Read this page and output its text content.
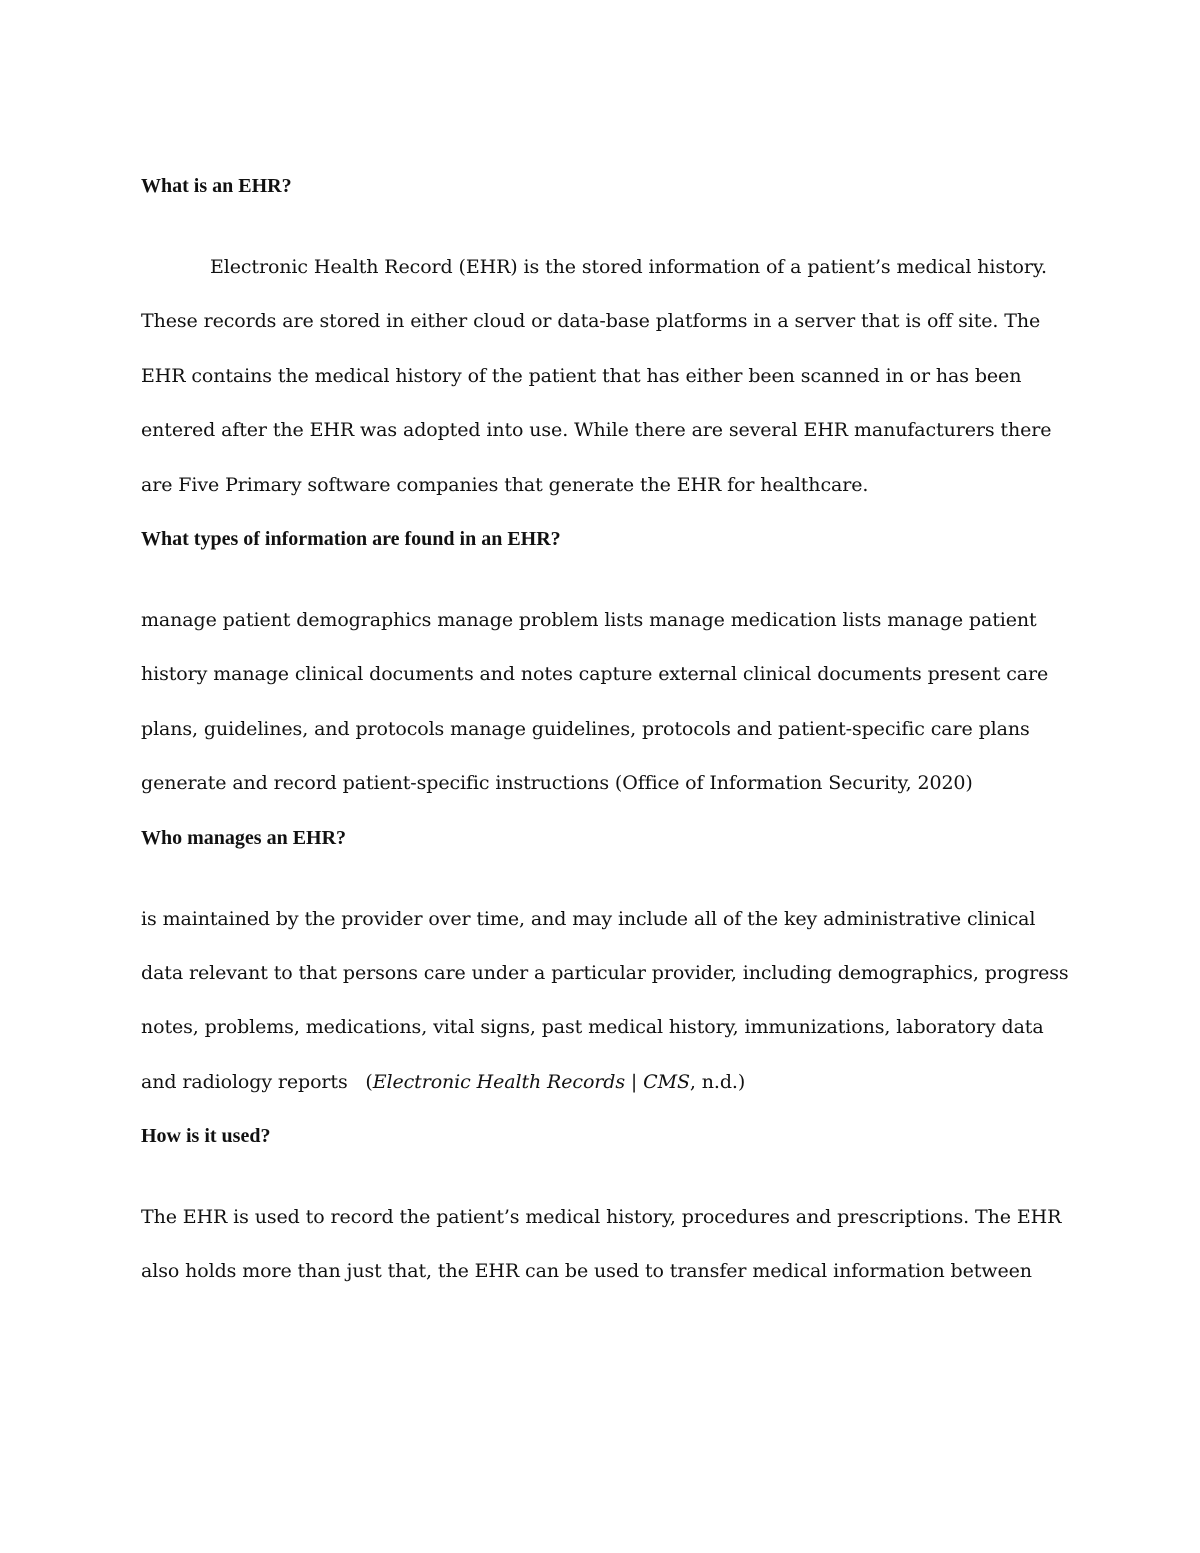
What is an EHR?

Electronic Health Record (EHR) is the stored information of a patient’s medical history.
These records are stored in either cloud or data-base platforms in a server that is off site. The
EHR contains the medical history of the patient that has either been scanned in or has been
entered after the EHR was adopted into use. While there are several EHR manufacturers there
are Five Primary software companies that generate the EHR for healthcare.

What types of information are found in an EHR?

manage patient demographics manage problem lists manage medication lists manage patient
history manage clinical documents and notes capture external clinical documents present care
plans, guidelines, and protocols manage guidelines, protocols and patient-specific care plans
generate and record patient-specific instructions (Office of Information Security, 2020)

Who manages an EHR?

is maintained by the provider over time, and may include all of the key administrative clinical
data relevant to that persons care under a particular provider, including demographics, progress
notes, problems, medications, vital signs, past medical history, immunizations, laboratory data
and radiology reports   (Electronic Health Records | CMS, n.d.)

How is it used?

The EHR is used to record the patient’s medical history, procedures and prescriptions. The EHR
also holds more than just that, the EHR can be used to transfer medical information between
